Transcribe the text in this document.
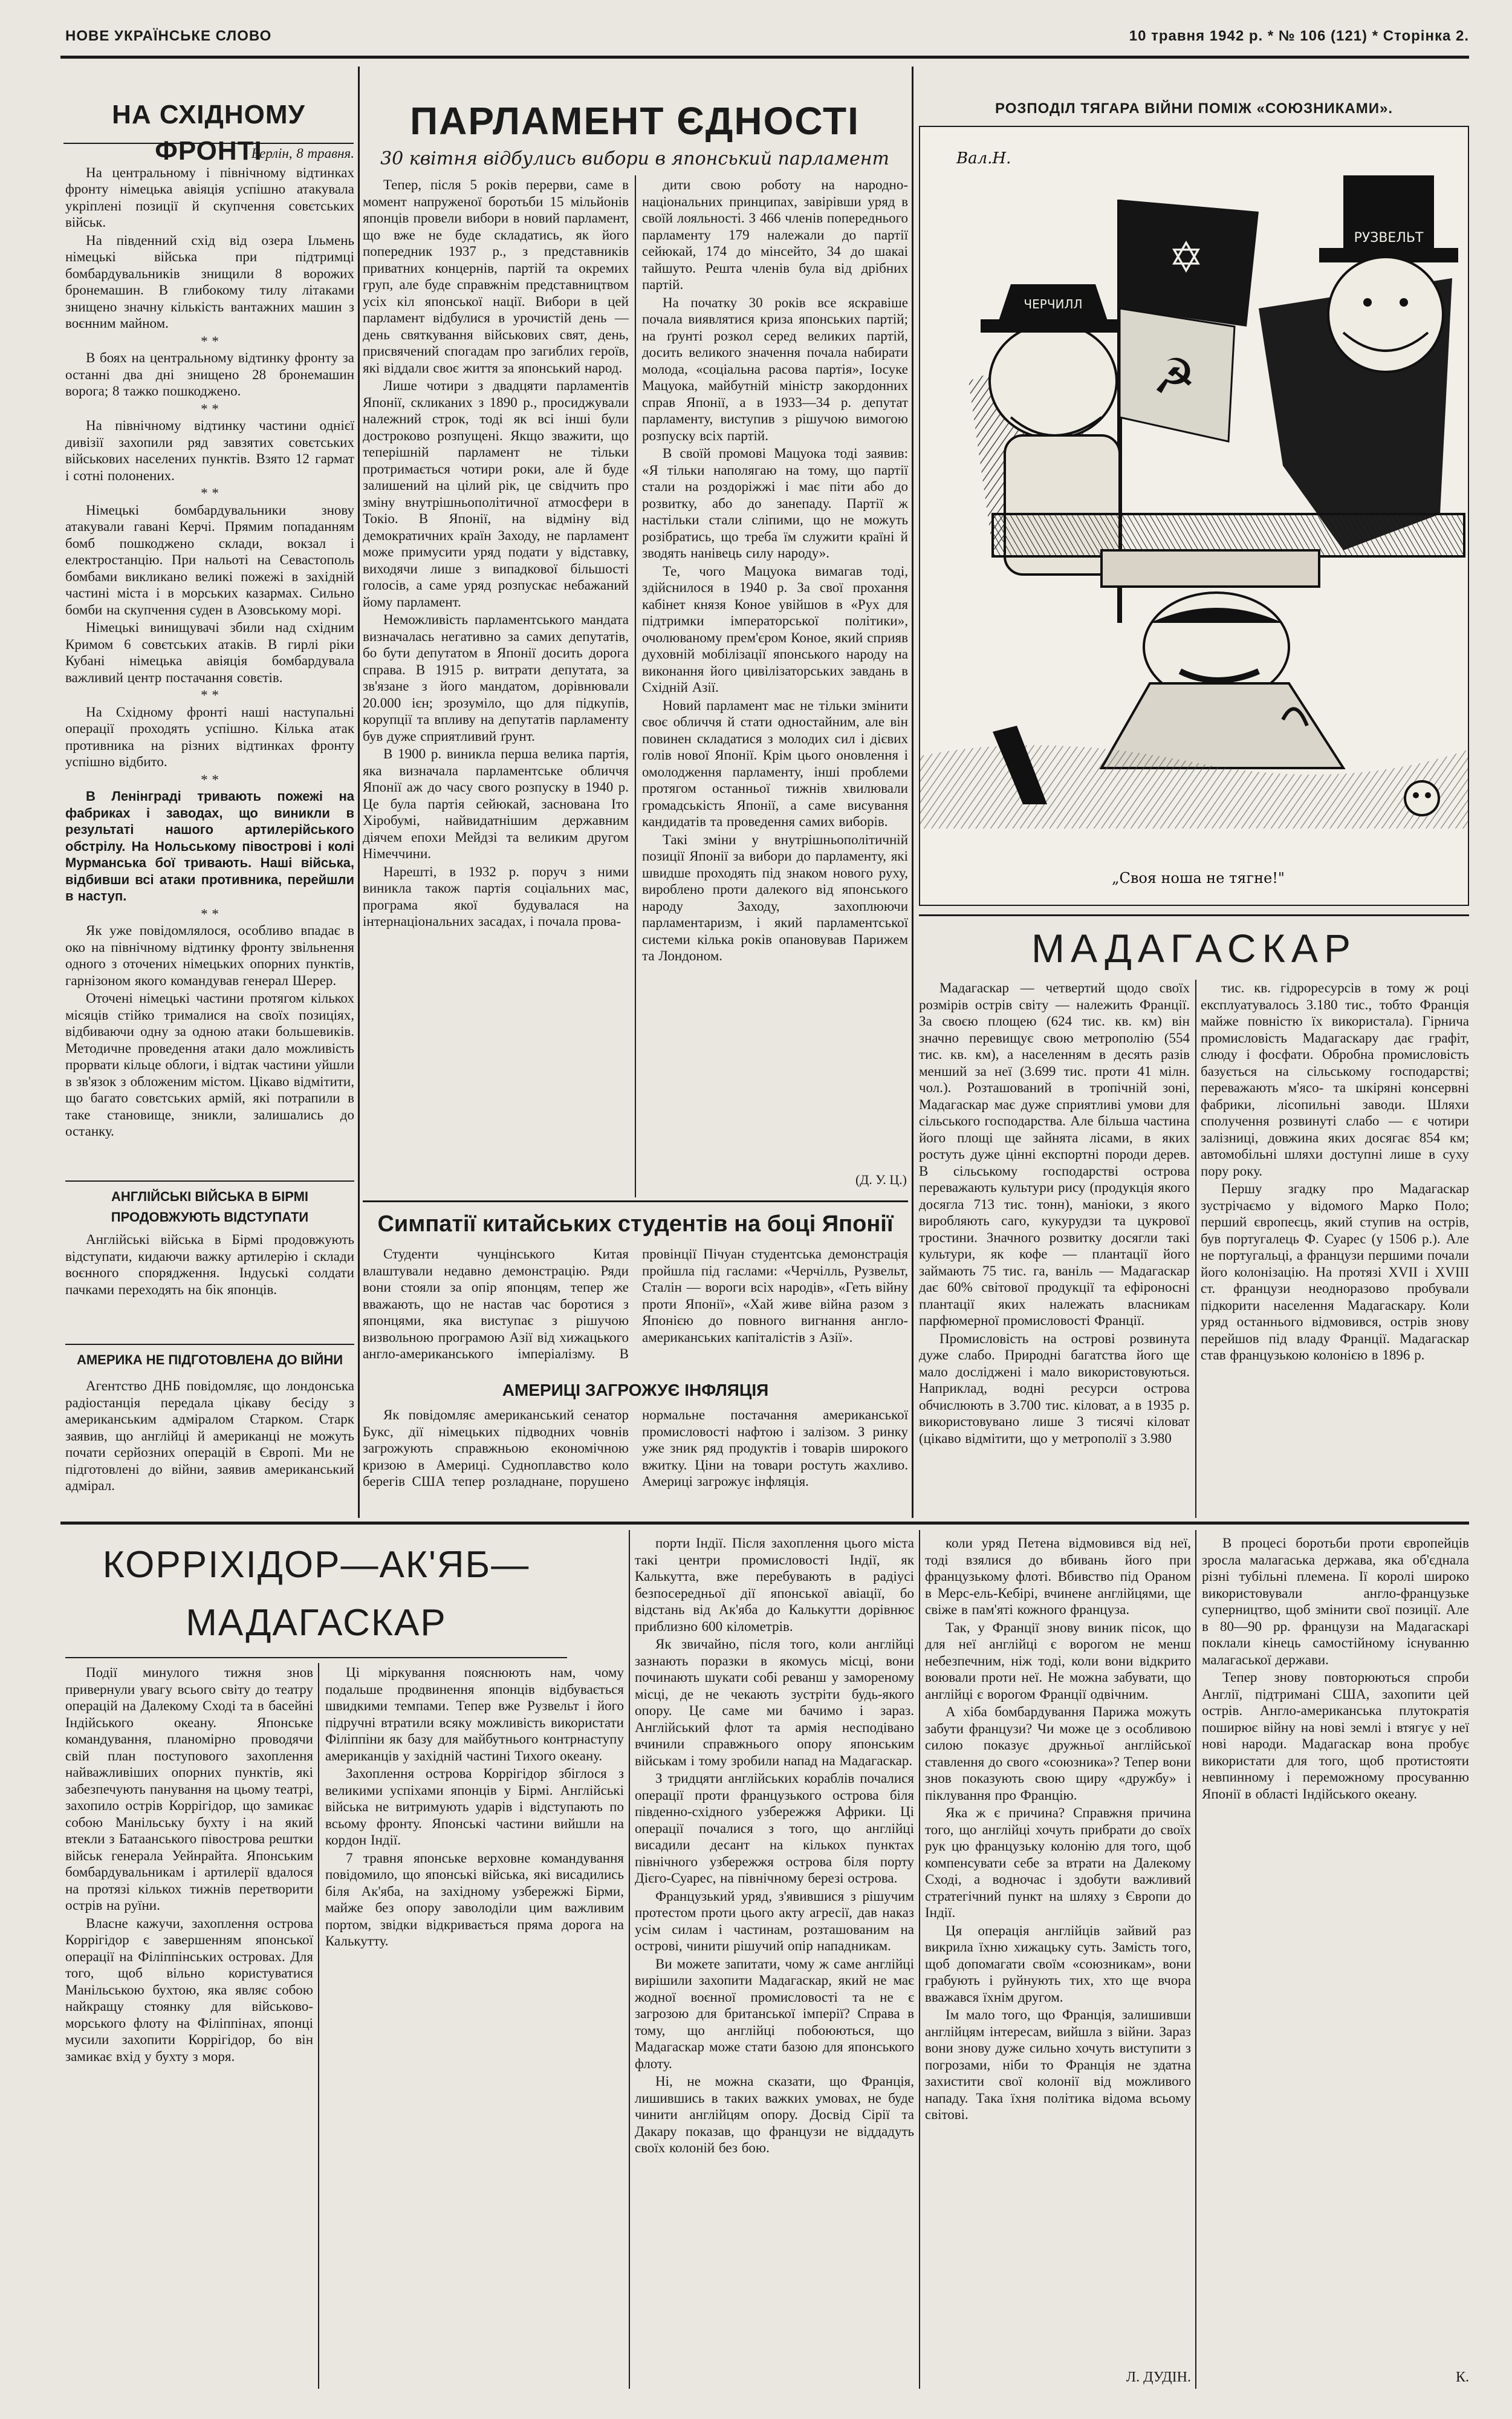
НОВЕ УКРАЇНСЬКЕ СЛОВО	10 травня 1942 р. * № 106 (121) * Сторінка 2.
НА СХІДНОМУ ФРОНТІ
Берлін, 8 травня.

На центральному і північному відтинках фронту німецька авіяція успішно атакувала укріплені позиції й скупчення совєтських військ.

На південний схід від озера Ільмень німецькі війська при підтримці бомбардувальників знищили 8 ворожих бронемашин. В глибокому тилу літаками знищено значну кількість вантажних машин з воєнним майном.

* *

В боях на центральному відтинку фронту за останні два дні знищено 28 бронемашин ворога; 8 тажко пошкоджено.

* *

На північному відтинку частини однієї дивізії захопили ряд завзятих совєтських військових населених пунктів. Взято 12 гармат і сотні полонених.

* *

Німецькі бомбардувальники знову атакували гавані Керчі. Прямим попаданням бомб пошкоджено склади, вокзал і електростанцію. При нальоті на Севастополь бомбами викликано великі пожежі в західній частині міста і в морських казармах. Сильно бомби на скупчення суден в Азовському морі.

Німецькі винищувачі збили над східним Кримом 6 совєтських атаків. В гирлі ріки Кубані німецька авіяція бомбардувала важливий центр постачання совєтів.

* *

На Східному фронті наші наступальні операції проходять успішно. Кілька атак противника на різних відтинках фронту успішно відбито.

* *

В Ленінграді тривають пожежі на фабриках і заводах, що виникли в результаті нашого артилерійського обстрілу. На Нольському півострові і колі Мурманська бої тривають. Наші війська, відбивши всі атаки противника, перейшли в наступ.

* *

Як уже повідомлялося, особливо впадає в око на північному відтинку фронту звільнення одного з оточених німецьких опорних пунктів, гарнізоном якого командував генерал Шерер.

Оточені німецькі частини протягом кількох місяців стійко трималися на своїх позиціях, відбиваючи одну за одною атаки большевиків. Методичне проведення атаки дало можливість прорвати кільце облоги, і відтак частини уйшли в зв'язок з обложеним містом. Цікаво відмітити, що багато совєтських армій, які потрапили в таке становище, зникли, залишались до останку.

АНГЛІЙСЬКІ ВІЙСЬКА В БІРМІ ПРОДОВЖУЮТЬ ВІДСТУПАТИ

Англійські війська в Бірмі продовжують відступати, кидаючи важку артилерію і склади воєнного спорядження. Індуські солдати пачками переходять на бік японців.

АМЕРИКА НЕ ПІДГОТОВЛЕНА ДО ВІЙНИ

Агентство ДНБ повідомляє, що лондонська радіостанція передала цікаву бесіду з американським адміралом Старком. Старк заявив, що англійці й американці не можуть почати серйозних операцій в Європі. Ми не підготовлені до війни, заявив американський адмірал.

ПАРЛАМЕНТ ЄДНОСТІ
30 квітня відбулись вибори в японський парламент

Тепер, після 5 років перерви, саме в момент напруженої боротьби 15 мільйонів японців провели вибори в новий парламент, що вже не буде складатись, як його попередник 1937 р., з представників приватних концернів, партій та окремих груп, але буде справжнім представництвом усіх кіл японської нації. Вибори в цей парламент відбулися в урочистій день — день святкування військових свят, день, присвячений спогадам про загиблих героїв, які віддали своє життя за японський народ.

Лише чотири з двадцяти парламентів Японії, скликаних з 1890 р., просиджували належний строк, тоді як всі інші були достроково розпущені. Якщо зважити, що теперішній парламент не тільки протримається чотири роки, але й буде залишений на цілий рік, це свідчить про зміну внутрішньополітичної атмосфери в Токіо. В Японії, на відміну від демократичних країн Заходу, не парламент може примусити уряд подати у відставку, виходячи лише з випадкової більшості голосів, а саме уряд розпускає небажаний йому парламент.

Неможливість парламентського мандата визначалась негативно за самих депутатів, бо бути депутатом в Японії досить дорога справа. В 1915 р. витрати депутата, за зв'язане з його мандатом, дорівнювали 20.000 ієн; зрозуміло, що для підкупів, корупції та впливу на депутатів парламенту був дуже сприятливий ґрунт.

В 1900 р. виникла перша велика партія, яка визначала парламентське обличчя Японії аж до часу свого розпуску в 1940 р. Це була партія сейюкай, заснована Іто Хіробумі, найвидатнішим державним діячем епохи Мейдзі та великим другом Німеччини.

Нарешті, в 1932 р. поруч з ними виникла також партія соціальних мас, програма якої будувалася на інтернаціональних засадах, і почала прова-

дити свою роботу на народно-національних принципах, завірівши уряд в своїй лояльності. З 466 членів попереднього парламенту 179 належали до партії сейюкай, 174 до мінсейто, 34 до шакаі тайшуто. Решта членів була від дрібних партій.

На початку 30 років все яскравіше почала виявлятися криза японських партій; на ґрунті розкол серед великих партій, досить великого значення почала набирати молода, «соціальна расова партія», Іосуке Мацуока, майбутній міністр закордонних справ Японії, а в 1933—34 р. депутат парламенту, виступив з рішучою вимогою розпуску всіх партій.

В своїй промові Мацуока тоді заявив: «Я тільки наполягаю на тому, що партії стали на роздоріжжі і має піти або до розвитку, або до занепаду. Партії ж настільки стали сліпими, що не можуть розібратись, що треба їм служити країні й зводять нанівець силу народу».

Те, чого Мацуока вимагав тоді, здійснилося в 1940 р. За свої прохання кабінет князя Коное увійшов в «Рух для підтримки імператорської політики», очолюваному прем'єром Коное, який сприяв духовній мобілізації японського народу на виконання його цивілізаторських завдань в Східній Азії.

Новий парламент має не тільки змінити своє обличчя й стати одностайним, але він повинен складатися з молодих сил і дієвих голів нової Японії. Крім цього оновлення і омолодження парламенту, інші проблеми протягом останньої тижнів хвилювали громадськість Японії, а саме висування кандидатів та проведення самих виборів.

Такі зміни у внутрішньополітичній позиції Японії за вибори до парламенту, які швидше проходять під знаком нового руху, вироблено проти далекого від японського народу Заходу, захоплюючи парламентаризм, і який парламентської системи кілька років опановував Парижем та Лондоном.

(Д. У. Ц.)
Симпатії китайських студентів на боці Японії

Студенти чунцінського Китая влаштували недавно демонстрацію. Ряди вони стояли за опір японцям, тепер же вважають, що не настав час боротися з японцями, яка виступає з рішучою визвольною програмою Азії від хижацького англо-американського імперіалізму. В провінції Пічуан студентська демонстрація пройшла під гаслами: «Черчілль, Рузвельт, Сталін — вороги всіх народів», «Геть війну проти Японії», «Хай живе війна разом з Японією до повного вигнання англо-американських капіталістів з Азії».

АМЕРИЦІ ЗАГРОЖУЄ ІНФЛЯЦІЯ

Як повідомляє американський сенатор Букс, дії німецьких підводних човнів загрожують справжньою економічною кризою в Америці. Судноплавство коло берегів США тепер розладнане, порушено нормальне постачання американської промисловості нафтою і залізом. З ринку уже зник ряд продуктів і товарів широкого вжитку. Ціни на товари ростуть жахливо. Америці загрожує інфляція.

РОЗПОДІЛ ТЯГАРА ВІЙНИ ПОМІЖ «СОЮЗНИКАМИ».
✡
☭
ЧЕРЧИЛЛ
РУЗВЕЛЬТ
Вал.Н.
„Своя ноша не тягне!"
МАДАГАСКАР

Мадагаскар — четвертий щодо своїх розмірів острів світу — належить Франції. За своєю площею (624 тис. кв. км) він значно перевищує свою метрополію (554 тис. кв. км), а населенням в десять разів менший за неї (3.699 тис. проти 41 мілн. чол.). Розташований в тропічній зоні, Мадагаскар має дуже сприятливі умови для сільського господарства. Але більша частина його площі ще зайнята лісами, в яких ростуть дуже цінні експортні породи дерев. В сільському господарстві острова переважають культури рису (продукція якого досягла 713 тис. тонн), маніоки, з якого виробляють саго, кукурудзи та цукрової тростини. Значного розвитку досягли такі культури, як кофе — плантації його займають 75 тис. га, ваніль — Мадагаскар дає 60% світової продукції та ефіроносні плантації яких належать власникам парфюмерної промисловості Франції.

Промисловість на острові розвинута дуже слабо. Природні багатства його ще мало досліджені і мало використовуються. Наприклад, водні ресурси острова обчислюють в 3.700 тис. кіловат, а в 1935 р. використовувано лише 3 тисячі кіловат (цікаво відмітити, що у метрополії з 3.980

тис. кв. гідроресурсів в тому ж році експлуатувалось 3.180 тис., тобто Франція майже повністю їх використала). Гірнича промисловість Мадагаскару дає графіт, слюду і фосфати. Обробна промисловість базується на сільському господарстві; переважають м'ясо- та шкіряні консервні фабрики, лісопильні заводи. Шляхи сполучення розвинуті слабо — є чотири залізниці, довжина яких досягає 854 км; автомобільні шляхи доступні лише в суху пору року.

Першу згадку про Мадагаскар зустрічаємо у відомого Марко Поло; перший європеєць, який ступив на острів, був португалець Ф. Суарес (у 1506 р.). Але не португальці, а французи першими почали його колонізацію. На протязі XVII і XVIII ст. французи неодноразово пробували підкорити населення Мадагаскару. Коли уряд останнього відмовився, острів знову перейшов під владу Франції. Мадагаскар став французькою колонією в 1896 р.

КОРРІХІДОР—АК'ЯБ—
МАДАГАСКАР

Події минулого тижня знов привернули увагу всього світу до театру операцій на Далекому Сході та в басейні Індійського океану. Японське командування, планомірно проводячи свій план поступового захоплення найважливіших опорних пунктів, які забезпечують панування на цьому театрі, захопило острів Коррігідор, що замикає собою Манільську бухту і на який втекли з Батаанського півострова рештки військ генерала Уейнрайта. Японським бомбардувальникам і артилерії вдалося на протязі кількох тижнів перетворити острів на руїни.

Власне кажучи, захоплення острова Коррігідор є завершенням японської операції на Філіппінських островах. Для того, щоб вільно користуватися Манільською бухтою, яка являє собою найкращу стоянку для військово-морського флоту на Філіппінах, японці мусили захопити Коррігідор, бо він замикає вхід у бухту з моря.

Ці міркування пояснюють нам, чому подальше продвинення японців відбувається швидкими темпами. Тепер вже Рузвельт і його підручні втратили всяку можливість використати Філіппіни як базу для майбутнього контрнаступу американців у західній частині Тихого океану.

Захоплення острова Коррігідор збіглося з великими успіхами японців у Бірмі. Англійські війська не витримують ударів і відступають по всьому фронту. Японські частини вийшли на кордон Індії.

7 травня японське верховне командування повідомило, що японські війська, які висадились біля Ак'яба, на західному узбережжі Бірми, майже без опору заволоділи цим важливим портом, звідки відкривається пряма дорога на Калькутту.

порти Індії. Після захоплення цього міста такі центри промисловості Індії, як Калькутта, вже перебувають в радіусі безпосередньої дії японської авіації, бо відстань від Ак'яба до Калькутти дорівнює приблизно 600 кілометрів.

Як звичайно, після того, коли англійці зазнають поразки в якомусь місці, вони починають шукати собі реванш у замореному місці, де не чекають зустріти будь-якого опору. Це саме ми бачимо і зараз. Англійський флот та армія несподівано вчинили справжнього опору японським військам і тому зробили напад на Мадагаскар.

З тридцяти англійських кораблів почалися операції проти французького острова біля південно-східного узбережжя Африки. Ці операції почалися з того, що англійці висадили десант на кількох пунктах північного узбережжя острова біля порту Дієго-Суарес, на північному березі острова.

Французький уряд, з'явившися з рішучим протестом проти цього акту агресії, дав наказ усім силам і частинам, розташованим на острові, чинити рішучий опір нападникам.

Ви можете запитати, чому ж саме англійці вирішили захопити Мадагаскар, який не має жодної воєнної промисловості та не є загрозою для британської імперії? Справа в тому, що англійці побоюються, що Мадагаскар може стати базою для японського флоту.

Ні, не можна сказати, що Франція, лишившись в таких важких умовах, не буде чинити англійцям опору. Досвід Сірії та Дакару показав, що французи не віддадуть своїх колоній без бою.

коли уряд Петена відмовився від неї, тоді взялися до вбивань його при французькому флоті. Вбивство під Ораном в Мерс-ель-Кебірі, вчинене англійцями, ще свіже в пам'яті кожного француза.

Так, у Франції знову виник пісок, що для неї англійці є ворогом не менш небезпечним, ніж тоді, коли вони відкрито воювали проти неї. Не можна забувати, що англійці є ворогом Франції одвічним.

А хіба бомбардування Парижа можуть забути французи? Чи може це з особливою силою показує дружньої англійської ставлення до свого «союзника»? Тепер вони знов показують свою щиру «дружбу» і піклування про Францію.

Яка ж є причина? Справжня причина того, що англійці хочуть прибрати до своїх рук цю французьку колонію для того, щоб компенсувати себе за втрати на Далекому Сході, а водночас і здобути важливий стратегічний пункт на шляху з Європи до Індії.

Ця операція англійців зайвий раз викрила їхню хижацьку суть. Замість того, щоб допомагати своїм «союзникам», вони грабують і руйнують тих, хто ще вчора вважався їхнім другом.

Ім мало того, що Франція, залишивши англійцям інтересам, вийшла з війни. Зараз вони знову дуже сильно хочуть виступити з погрозами, ніби то Франція не здатна захистити свої колонії від можливого нападу. Така їхня політика відома всьому світові.

Л. ДУДІН.

В процесі боротьби проти європейців зросла малагаська держава, яка об'єднала різні тубільні племена. Ії королі широко використовували англо-французьке суперництво, щоб змінити свої позиції. Але в 80—90 рр. французи на Мадагаскарі поклали кінець самостійному існуванню малагаської держави.

Тепер знову повторюються спроби Англії, підтримані США, захопити цей острів. Англо-американська плутократія поширює війну на нові землі і втягує у неї нові народи. Мадагаскар вона пробує використати для того, щоб протистояти невпинному і переможному просуванню Японії в області Індійського океану.

К.
